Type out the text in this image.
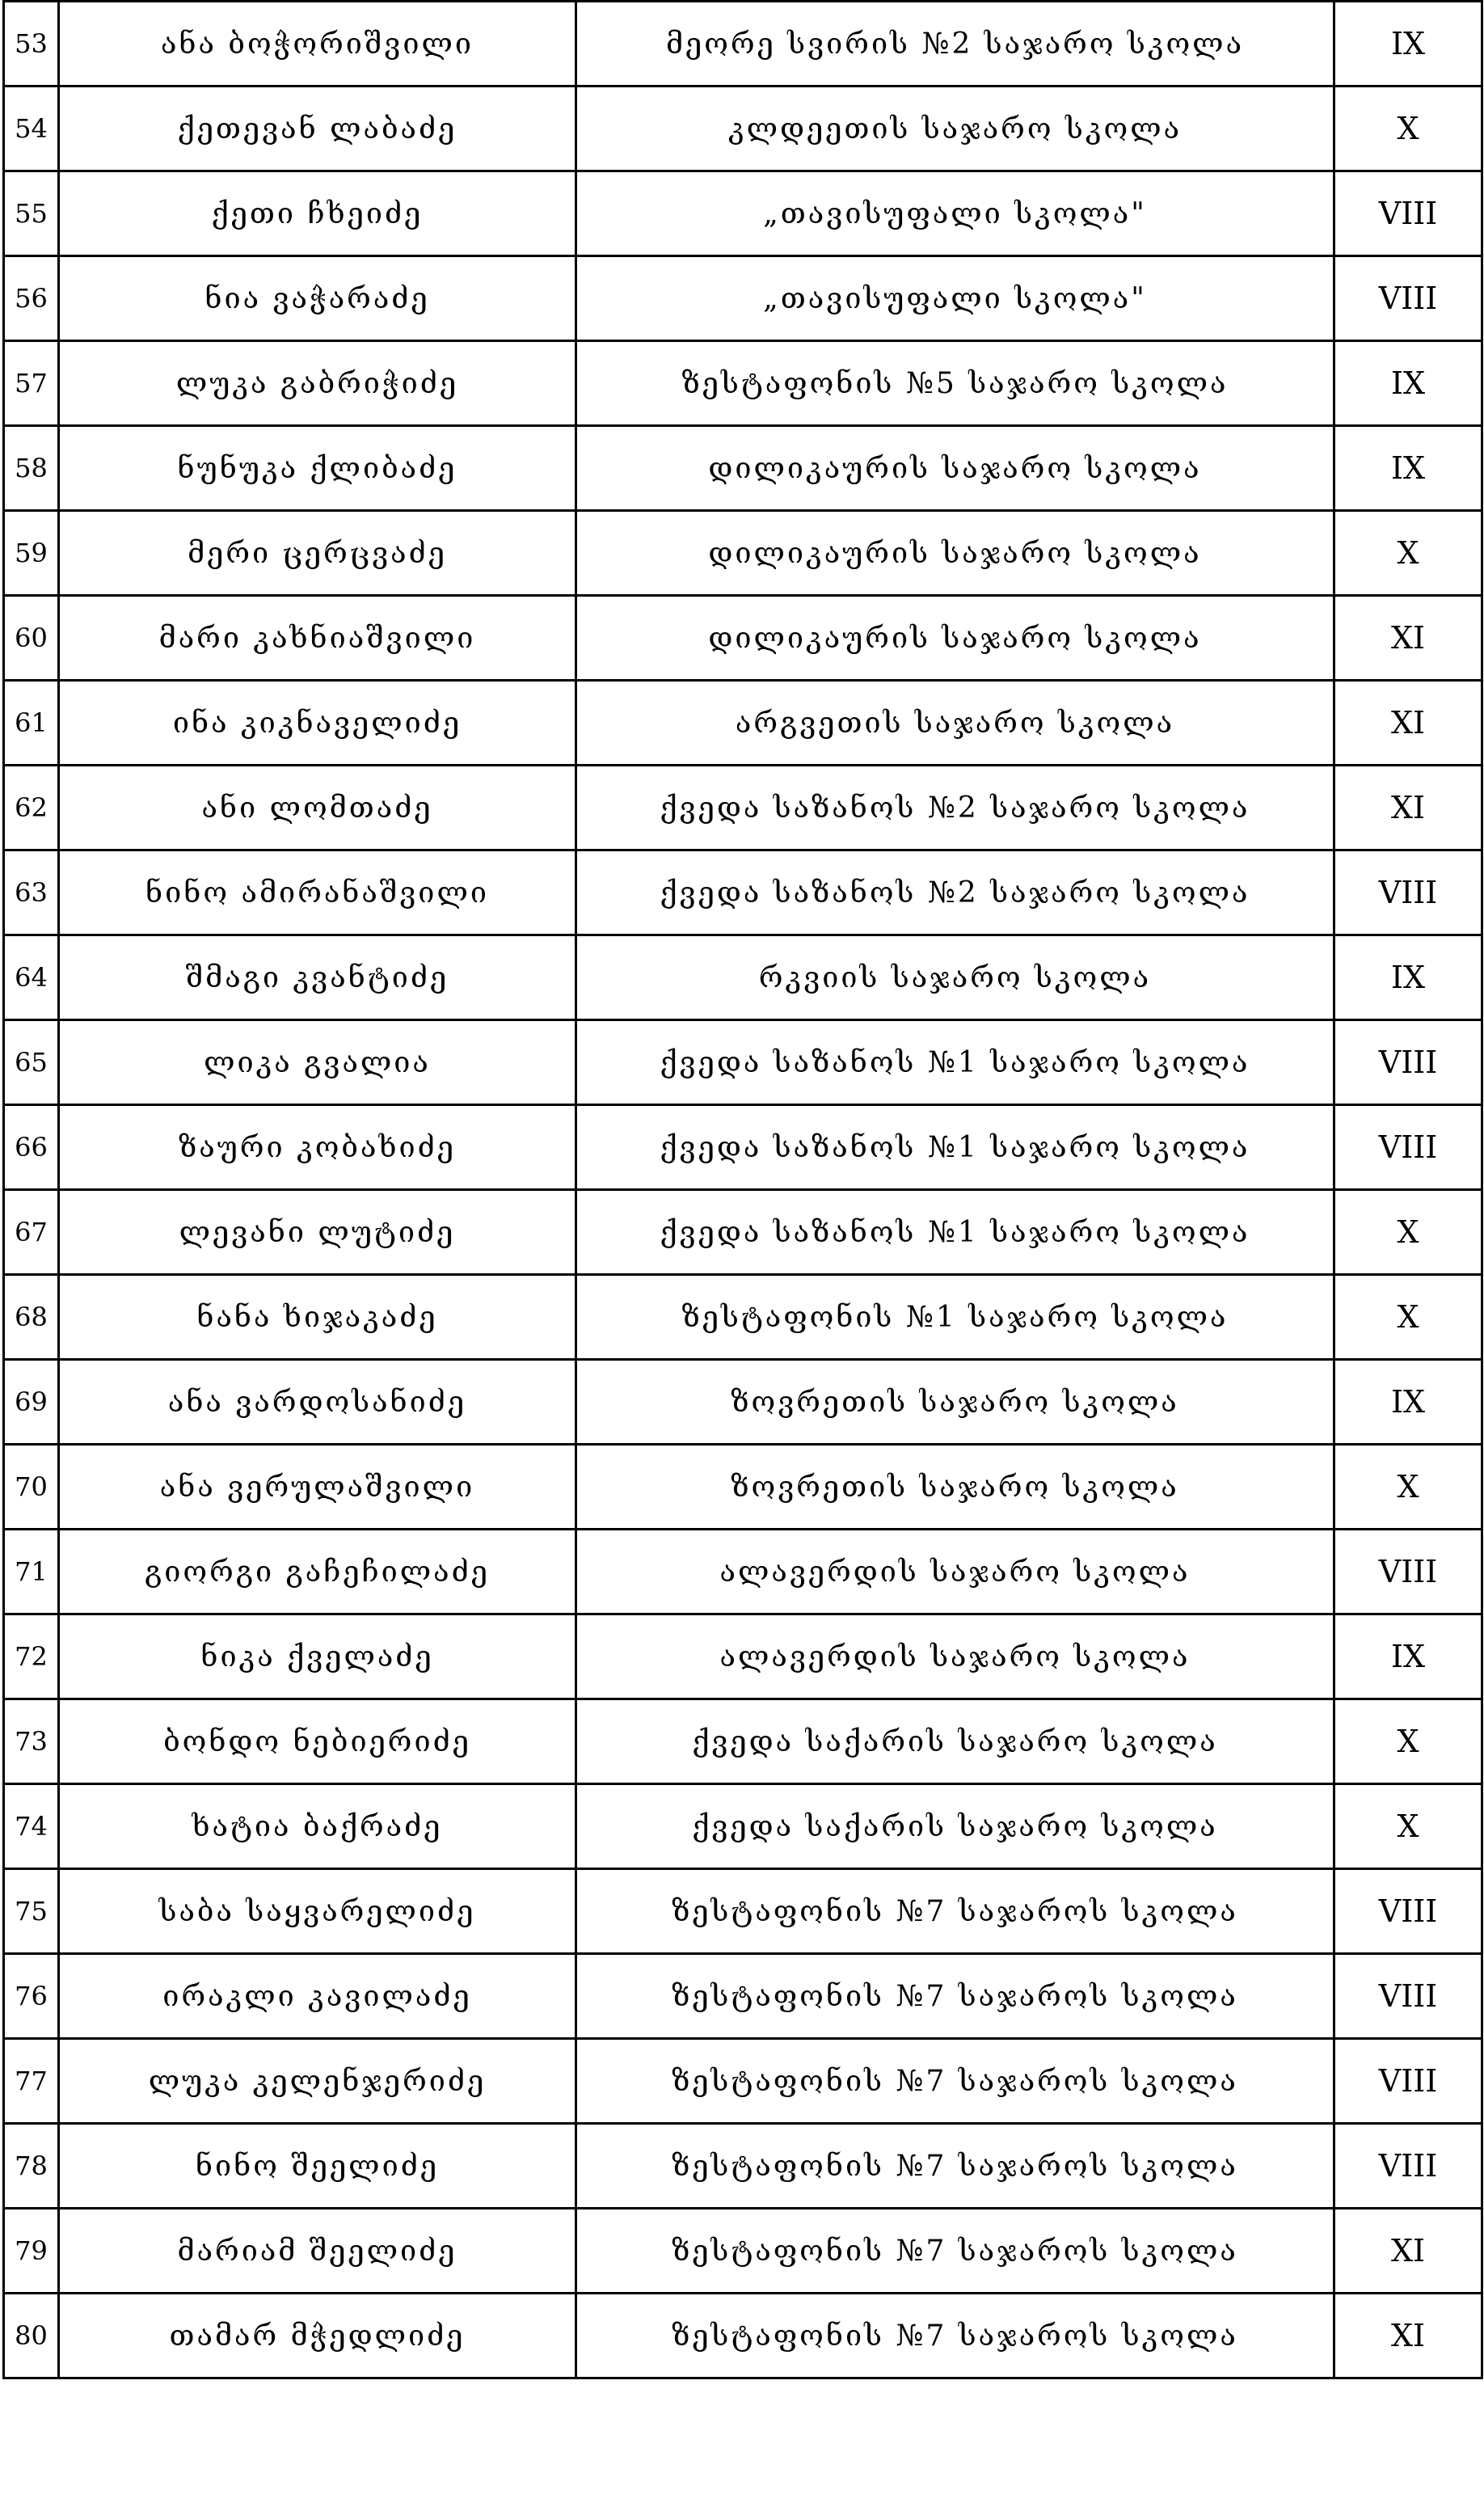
53	ანა ბოჭორიშვილი	მეორე სვირის №2 საჯარო სკოლა	IX
54	ქეთევან ლაბაძე	კლდეეთის საჯარო სკოლა	X
55	ქეთი ჩხეიძე	„თავისუფალი სკოლა"	VIII
56	ნია ვაჭარაძე	„თავისუფალი სკოლა"	VIII
57	ლუკა გაბრიჭიძე	ზესტაფონის №5 საჯარო სკოლა	IX
58	ნუნუკა ქლიბაძე	დილიკაურის საჯარო სკოლა	IX
59	მერი ცერცვაძე	დილიკაურის საჯარო სკოლა	X
60	მარი კახნიაშვილი	დილიკაურის საჯარო სკოლა	XI
61	ინა კიკნაველიძე	არგვეთის საჯარო სკოლა	XI
62	ანი ლომთაძე	ქვედა საზანოს №2 საჯარო სკოლა	XI
63	ნინო ამირანაშვილი	ქვედა საზანოს №2 საჯარო სკოლა	VIII
64	შმაგი კვანტიძე	რკვიის საჯარო სკოლა	IX
65	ლიკა გვალია	ქვედა საზანოს №1 საჯარო სკოლა	VIII
66	ზაური კობახიძე	ქვედა საზანოს №1 საჯარო სკოლა	VIII
67	ლევანი ლუტიძე	ქვედა საზანოს №1 საჯარო სკოლა	X
68	ნანა ხიჯაკაძე	ზესტაფონის №1 საჯარო სკოლა	X
69	ანა ვარდოსანიძე	ზოვრეთის საჯარო სკოლა	IX
70	ანა ვერულაშვილი	ზოვრეთის საჯარო სკოლა	X
71	გიორგი გაჩეჩილაძე	ალავერდის საჯარო სკოლა	VIII
72	ნიკა ქველაძე	ალავერდის საჯარო სკოლა	IX
73	ბონდო ნებიერიძე	ქვედა საქარის საჯარო სკოლა	X
74	ხატია ბაქრაძე	ქვედა საქარის საჯარო სკოლა	X
75	საბა საყვარელიძე	ზესტაფონის №7 საჯაროს სკოლა	VIII
76	ირაკლი კავილაძე	ზესტაფონის №7 საჯაროს სკოლა	VIII
77	ლუკა კელენჯერიძე	ზესტაფონის №7 საჯაროს სკოლა	VIII
78	ნინო შეელიძე	ზესტაფონის №7 საჯაროს სკოლა	VIII
79	მარიამ შეელიძე	ზესტაფონის №7 საჯაროს სკოლა	XI
80	თამარ მჭედლიძე	ზესტაფონის №7 საჯაროს სკოლა	XI
